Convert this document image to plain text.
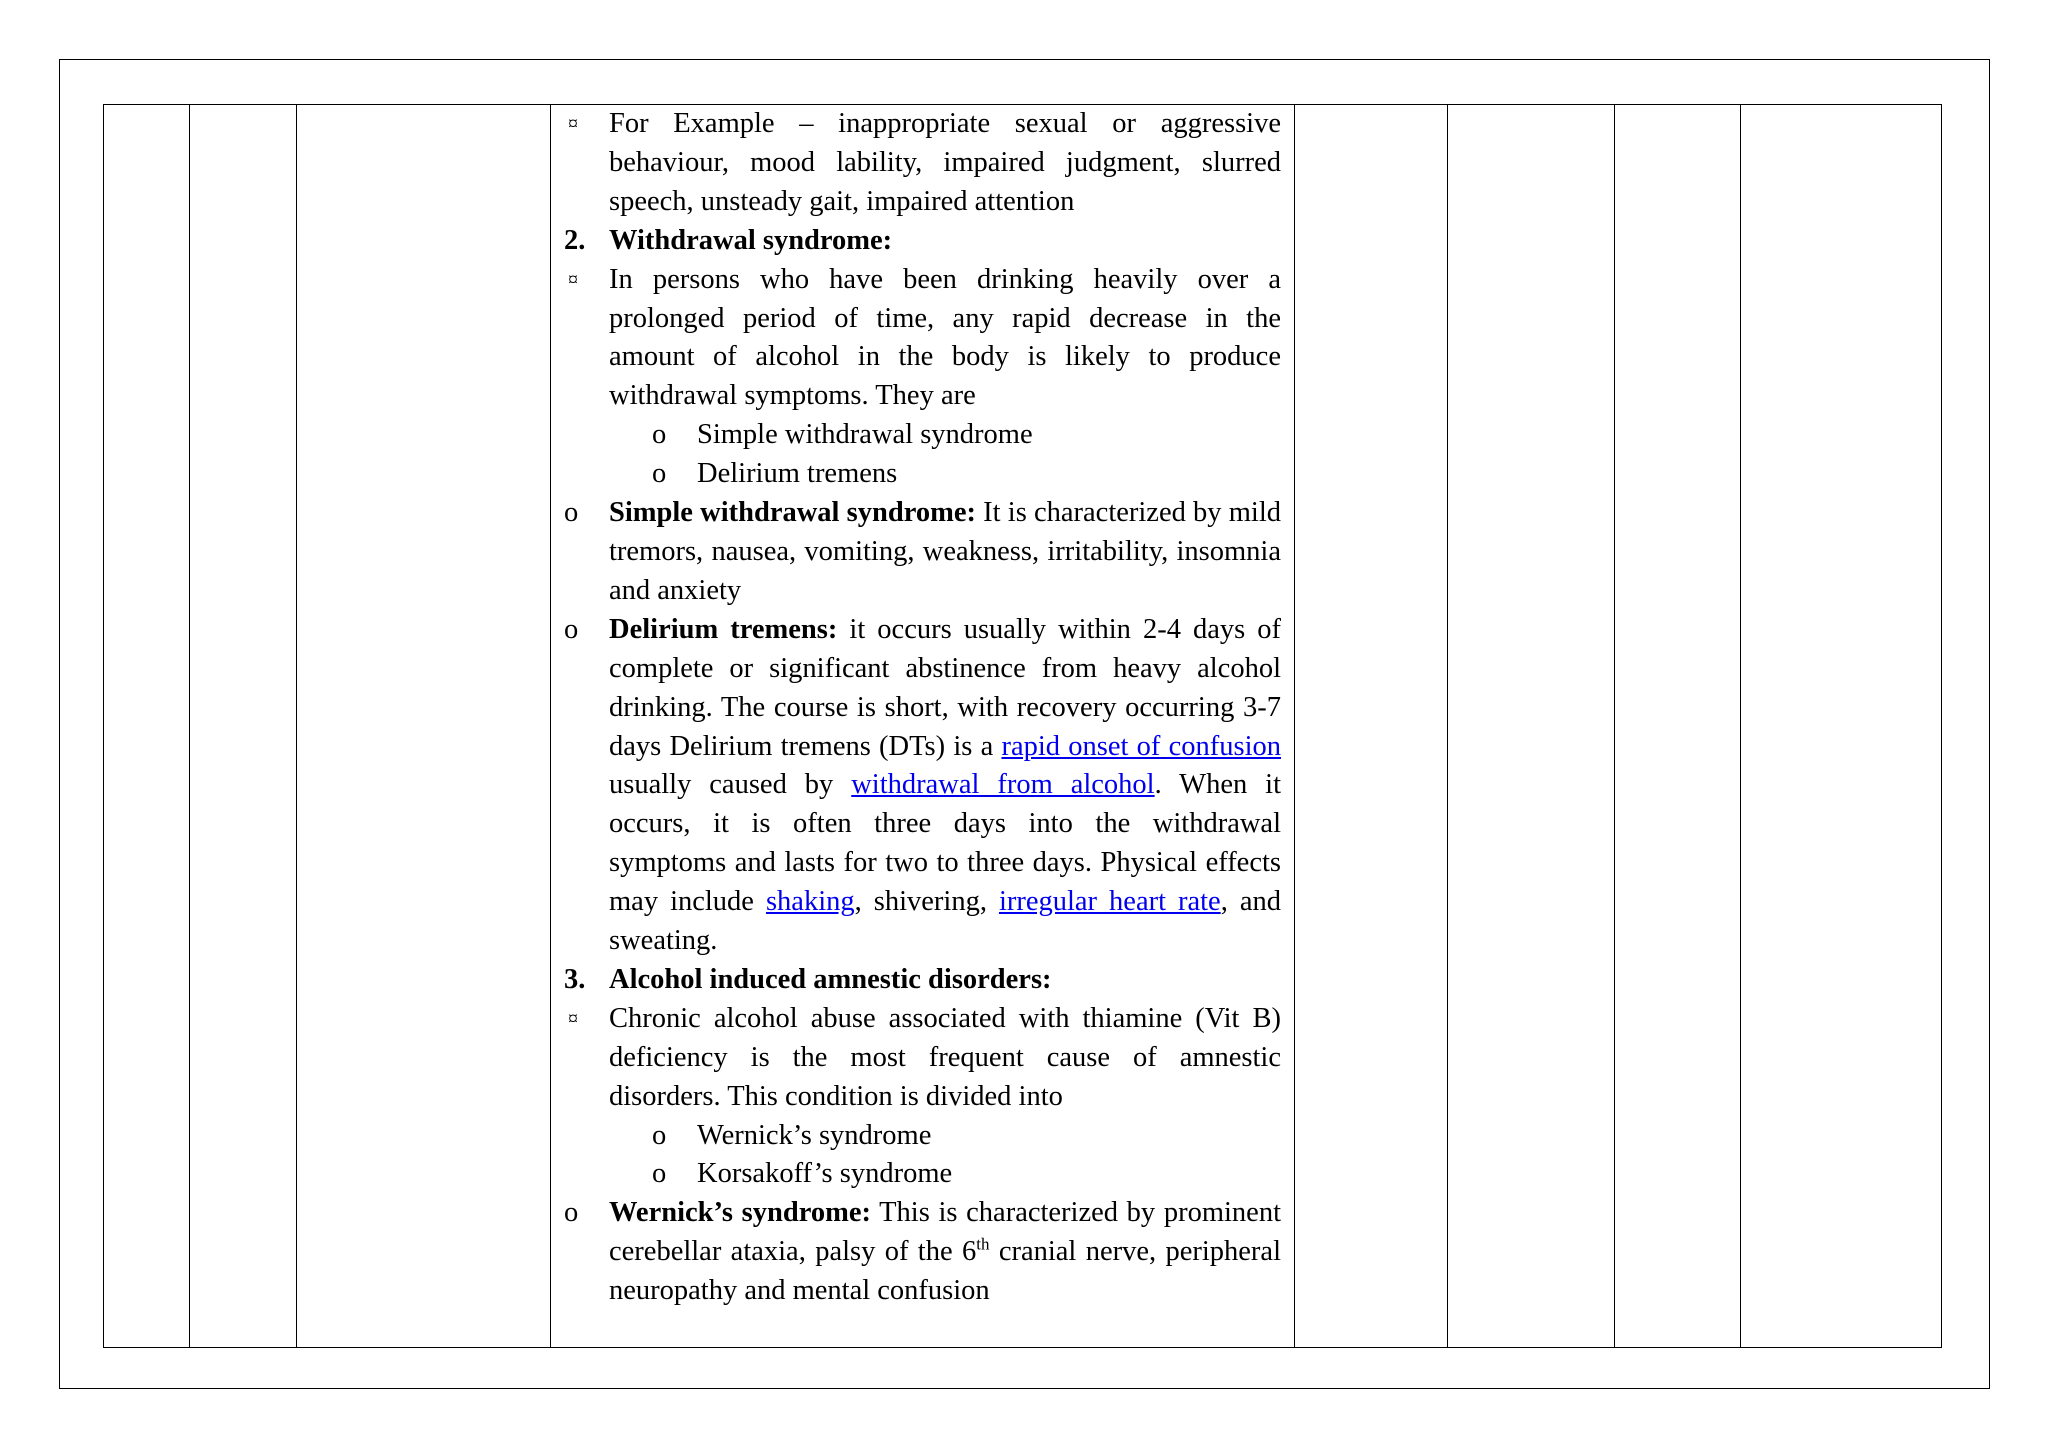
¤	For Example – inappropriate sexual or aggressive behaviour, mood lability, impaired judgment, slurred speech, unsteady gait, impaired attention
2. Withdrawal syndrome:
¤	In persons who have been drinking heavily over a prolonged period of time, any rapid decrease in the amount of alcohol in the body is likely to produce withdrawal symptoms. They are
o	Simple withdrawal syndrome
o	Delirium tremens
o	Simple withdrawal syndrome: It is characterized by mild tremors, nausea, vomiting, weakness, irritability, insomnia and anxiety
o	Delirium tremens: it occurs usually within 2-4 days of complete or significant abstinence from heavy alcohol drinking. The course is short, with recovery occurring 3-7 days Delirium tremens (DTs) is a rapid onset of confusion usually caused by withdrawal from alcohol. When it occurs, it is often three days into the withdrawal symptoms and lasts for two to three days. Physical effects may include shaking, shivering, irregular heart rate, and sweating.
3. Alcohol induced amnestic disorders:
¤	Chronic alcohol abuse associated with thiamine (Vit B) deficiency is the most frequent cause of amnestic disorders. This condition is divided into
o	Wernick’s syndrome
o	Korsakoff’s syndrome
o	Wernick’s syndrome: This is characterized by prominent cerebellar ataxia, palsy of the 6th cranial nerve, peripheral neuropathy and mental confusion
